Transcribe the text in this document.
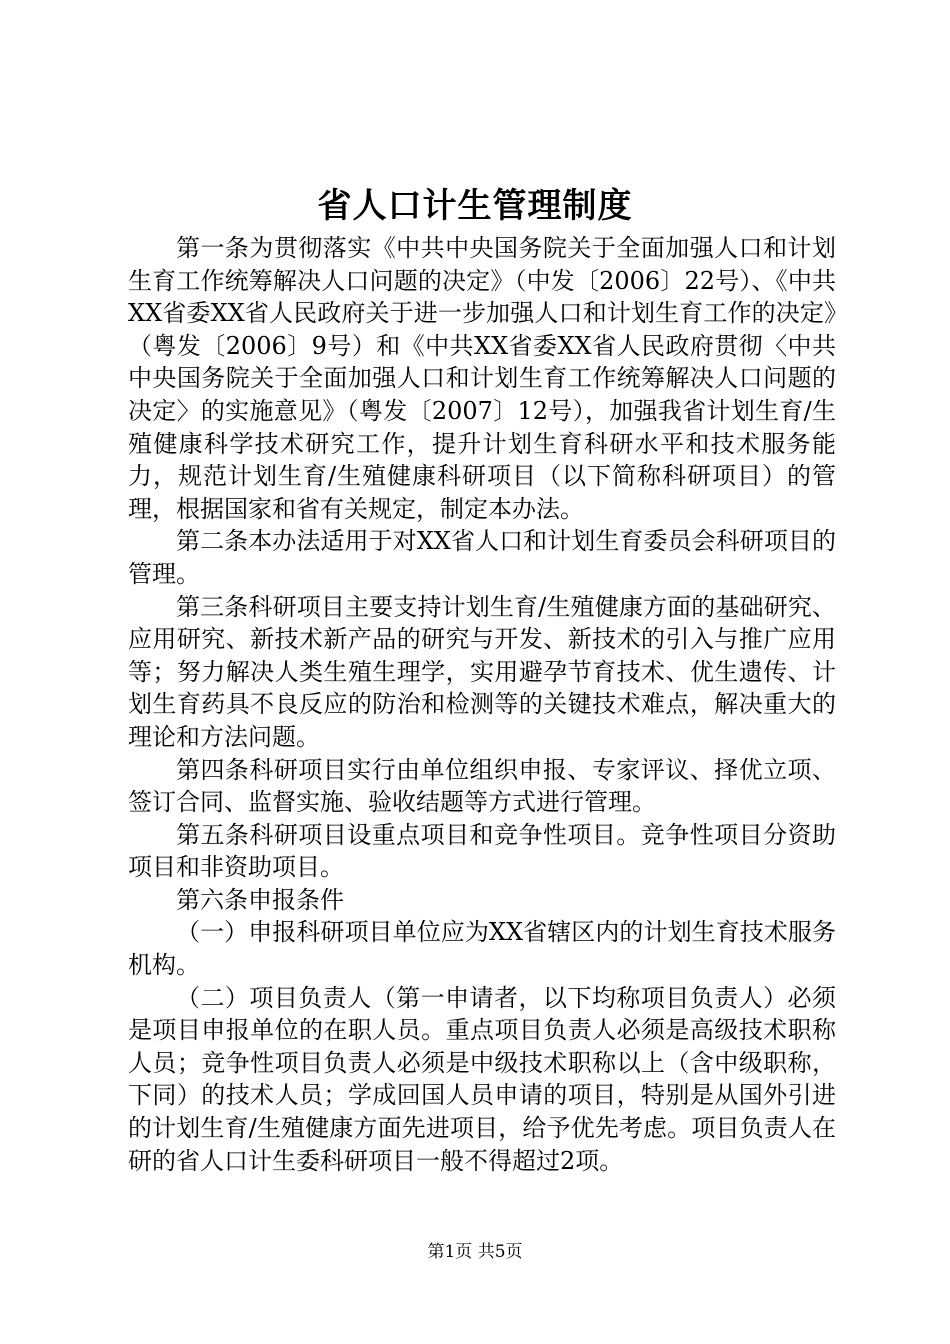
省人口计生管理制度

第一条为贯彻落实《中共中央国务院关于全面加强人口和计划生育工作统筹解决人口问题的决定》（中发〔2006〕22号）、《中共XX省委XX省人民政府关于进一步加强人口和计划生育工作的决定》（粤发〔2006〕9号）和《中共XX省委XX省人民政府贯彻〈中共中央国务院关于全面加强人口和计划生育工作统筹解决人口问题的决定〉的实施意见》（粤发〔2007〕12号），加强我省计划生育/生殖健康科学技术研究工作，提升计划生育科研水平和技术服务能力，规范计划生育/生殖健康科研项目（以下简称科研项目）的管理，根据国家和省有关规定，制定本办法。

第二条本办法适用于对XX省人口和计划生育委员会科研项目的管理。

第三条科研项目主要支持计划生育/生殖健康方面的基础研究、应用研究、新技术新产品的研究与开发、新技术的引入与推广应用等；努力解决人类生殖生理学，实用避孕节育技术、优生遗传、计划生育药具不良反应的防治和检测等的关键技术难点，解决重大的理论和方法问题。

第四条科研项目实行由单位组织申报、专家评议、择优立项、签订合同、监督实施、验收结题等方式进行管理。

第五条科研项目设重点项目和竞争性项目。竞争性项目分资助项目和非资助项目。

第六条申报条件

（一）申报科研项目单位应为XX省辖区内的计划生育技术服务机构。

（二）项目负责人（第一申请者，以下均称项目负责人）必须是项目申报单位的在职人员。重点项目负责人必须是高级技术职称人员；竞争性项目负责人必须是中级技术职称以上（含中级职称，下同）的技术人员；学成回国人员申请的项目，特别是从国外引进的计划生育/生殖健康方面先进项目，给予优先考虑。项目负责人在研的省人口计生委科研项目一般不得超过2项。

第1页 共5页
